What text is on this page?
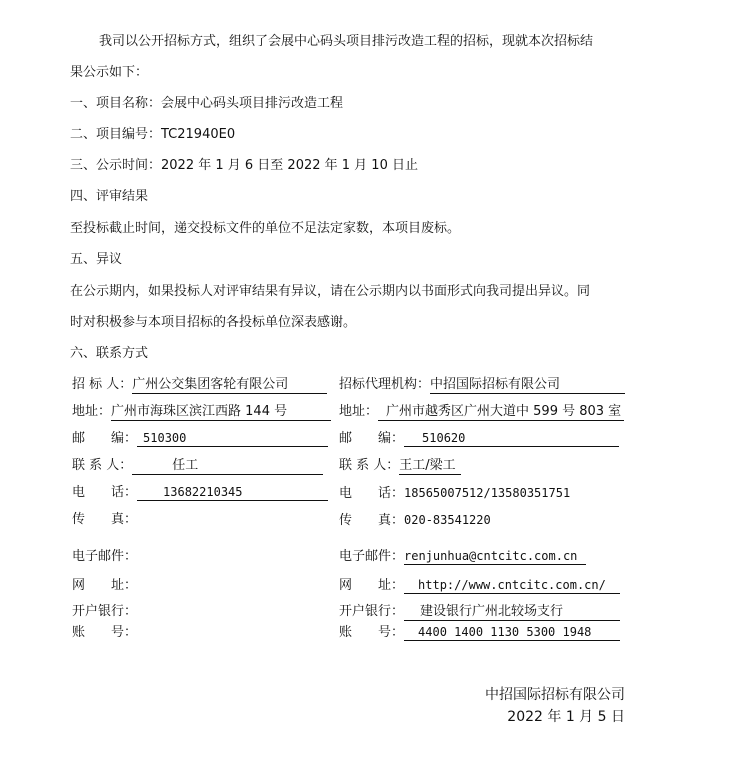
我司以公开招标方式，组织了会展中心码头项目排污改造工程的招标，现就本次招标结
果公示如下：
一、项目名称：会展中心码头项目排污改造工程
二、项目编号：TC21940E0
三、公示时间：2022 年 1 月 6 日至 2022 年 1 月 10 日止
四、评审结果
至投标截止时间，递交投标文件的单位不足法定家数，本项目废标。
五、异议
在公示期内，如果投标人对评审结果有异议，请在公示期内以书面形式向我司提出异议。同
时对积极参与本项目招标的各投标单位深表感谢。
六、联系方式
招 标 人：广州公交集团客轮有限公司
地址：广州市海珠区滨江西路 144 号
邮　　编： 510300
联 系 人：	任工
电　　话： 13682210345
传　　真：
电子邮件：
网　　址：
开户银行：
账　　号：
招标代理机构：中招国际招标有限公司
地址： 广州市越秀区广州大道中 599 号 803 室
邮　　编： 510620
联 系 人：王工/梁工
电　　话：18565007512/13580351751
传　　真：020-83541220
电子邮件：renjunhua@cntcitc.com.cn
网　　址： http://www.cntcitc.com.cn/
开户银行： 建设银行广州北较场支行
账　　号： 4400 1400 1130 5300 1948
中招国际招标有限公司
2022 年 1 月 5 日
